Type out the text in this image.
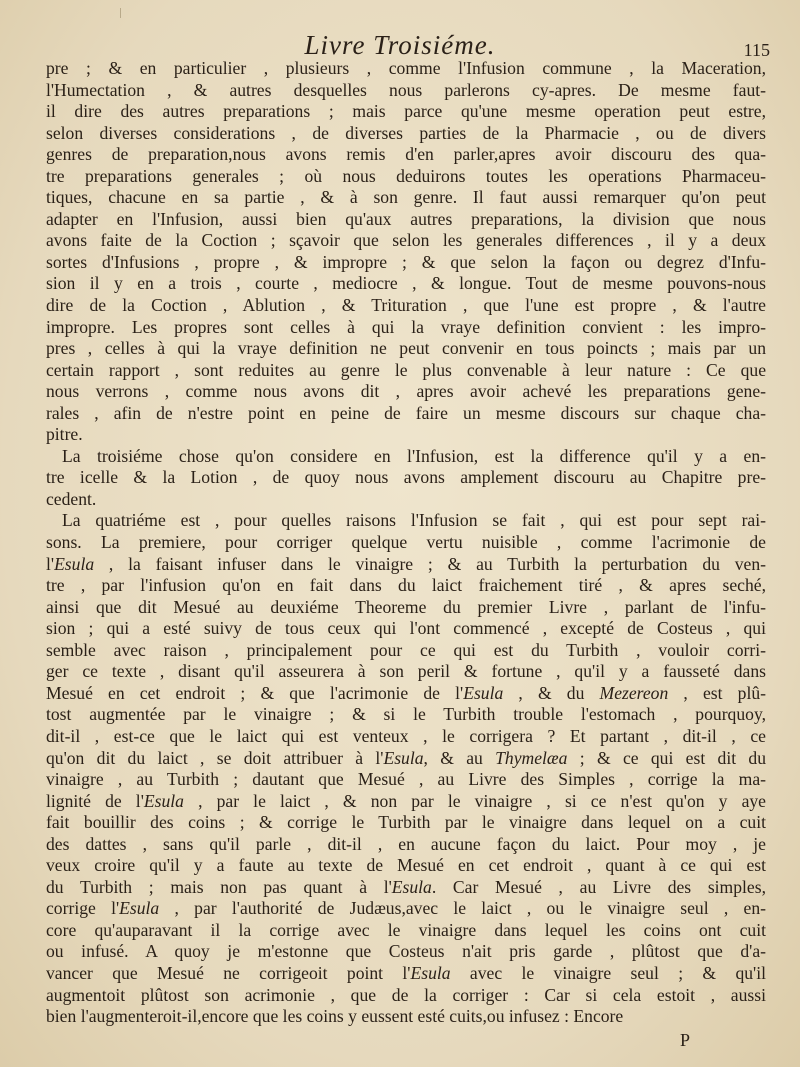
Livre Troisiéme.	115
pre ; & en particulier , plusieurs , comme l'Infusion commune , la Maceration,
l'Humectation , & autres desquelles nous parlerons cy-apres. De mesme faut-
il dire des autres preparations ; mais parce qu'une mesme operation peut estre,
selon diverses considerations , de diverses parties de la Pharmacie , ou de divers
genres de preparation,nous avons remis d'en parler,apres avoir discouru des qua-
tre preparations generales ; où nous deduirons toutes les operations Pharmaceu-
tiques, chacune en sa partie , & à son genre. Il faut aussi remarquer qu'on peut
adapter en l'Infusion, aussi bien qu'aux autres preparations, la division que nous
avons faite de la Coction ; sçavoir que selon les generales differences , il y a deux
sortes d'Infusions , propre , & impropre ; & que selon la façon ou degrez d'Infu-
sion il y en a trois , courte , mediocre , & longue. Tout de mesme pouvons-nous
dire de la Coction , Ablution , & Trituration , que l'une est propre , & l'autre
impropre. Les propres sont celles à qui la vraye definition convient : les impro-
pres , celles à qui la vraye definition ne peut convenir en tous poincts ; mais par un
certain rapport , sont reduites au genre le plus convenable à leur nature : Ce que
nous verrons , comme nous avons dit , apres avoir achevé les preparations gene-
rales , afin de n'estre point en peine de faire un mesme discours sur chaque cha-
pitre.
La troisiéme chose qu'on considere en l'Infusion, est la difference qu'il y a en-
tre icelle & la Lotion , de quoy nous avons amplement discouru au Chapitre pre-
cedent.
La quatriéme est , pour quelles raisons l'Infusion se fait , qui est pour sept rai-
sons. La premiere, pour corriger quelque vertu nuisible , comme l'acrimonie de
l'Esula , la faisant infuser dans le vinaigre ; & au Turbith la perturbation du ven-
tre , par l'infusion qu'on en fait dans du laict fraichement tiré , & apres seché,
ainsi que dit Mesué au deuxiéme Theoreme du premier Livre , parlant de l'infu-
sion ; qui a esté suivy de tous ceux qui l'ont commencé , excepté de Costeus , qui
semble avec raison , principalement pour ce qui est du Turbith , vouloir corri-
ger ce texte , disant qu'il asseurera à son peril & fortune , qu'il y a fausseté dans
Mesué en cet endroit ; & que l'acrimonie de l'Esula , & du Mezereon , est plû-
tost augmentée par le vinaigre ; & si le Turbith trouble l'estomach , pourquoy,
dit-il , est-ce que le laict qui est venteux , le corrigera ? Et partant , dit-il , ce
qu'on dit du laict , se doit attribuer à l'Esula, & au Thymelæa ; & ce qui est dit du
vinaigre , au Turbith ; dautant que Mesué , au Livre des Simples , corrige la ma-
lignité de l'Esula , par le laict , & non par le vinaigre , si ce n'est qu'on y aye
fait bouillir des coins ; & corrige le Turbith par le vinaigre dans lequel on a cuit
des dattes , sans qu'il parle , dit-il , en aucune façon du laict. Pour moy , je
veux croire qu'il y a faute au texte de Mesué en cet endroit , quant à ce qui est
du Turbith ; mais non pas quant à l'Esula. Car Mesué , au Livre des simples,
corrige l'Esula , par l'authorité de Judæus,avec le laict , ou le vinaigre seul , en-
core qu'auparavant il la corrige avec le vinaigre dans lequel les coins ont cuit
ou infusé. A quoy je m'estonne que Costeus n'ait pris garde , plûtost que d'a-
vancer que Mesué ne corrigeoit point l'Esula avec le vinaigre seul ; & qu'il
augmentoit plûtost son acrimonie , que de la corriger : Car si cela estoit , aussi
bien l'augmenteroit-il,encore que les coins y eussent esté cuits,ou infusez : Encore
P
